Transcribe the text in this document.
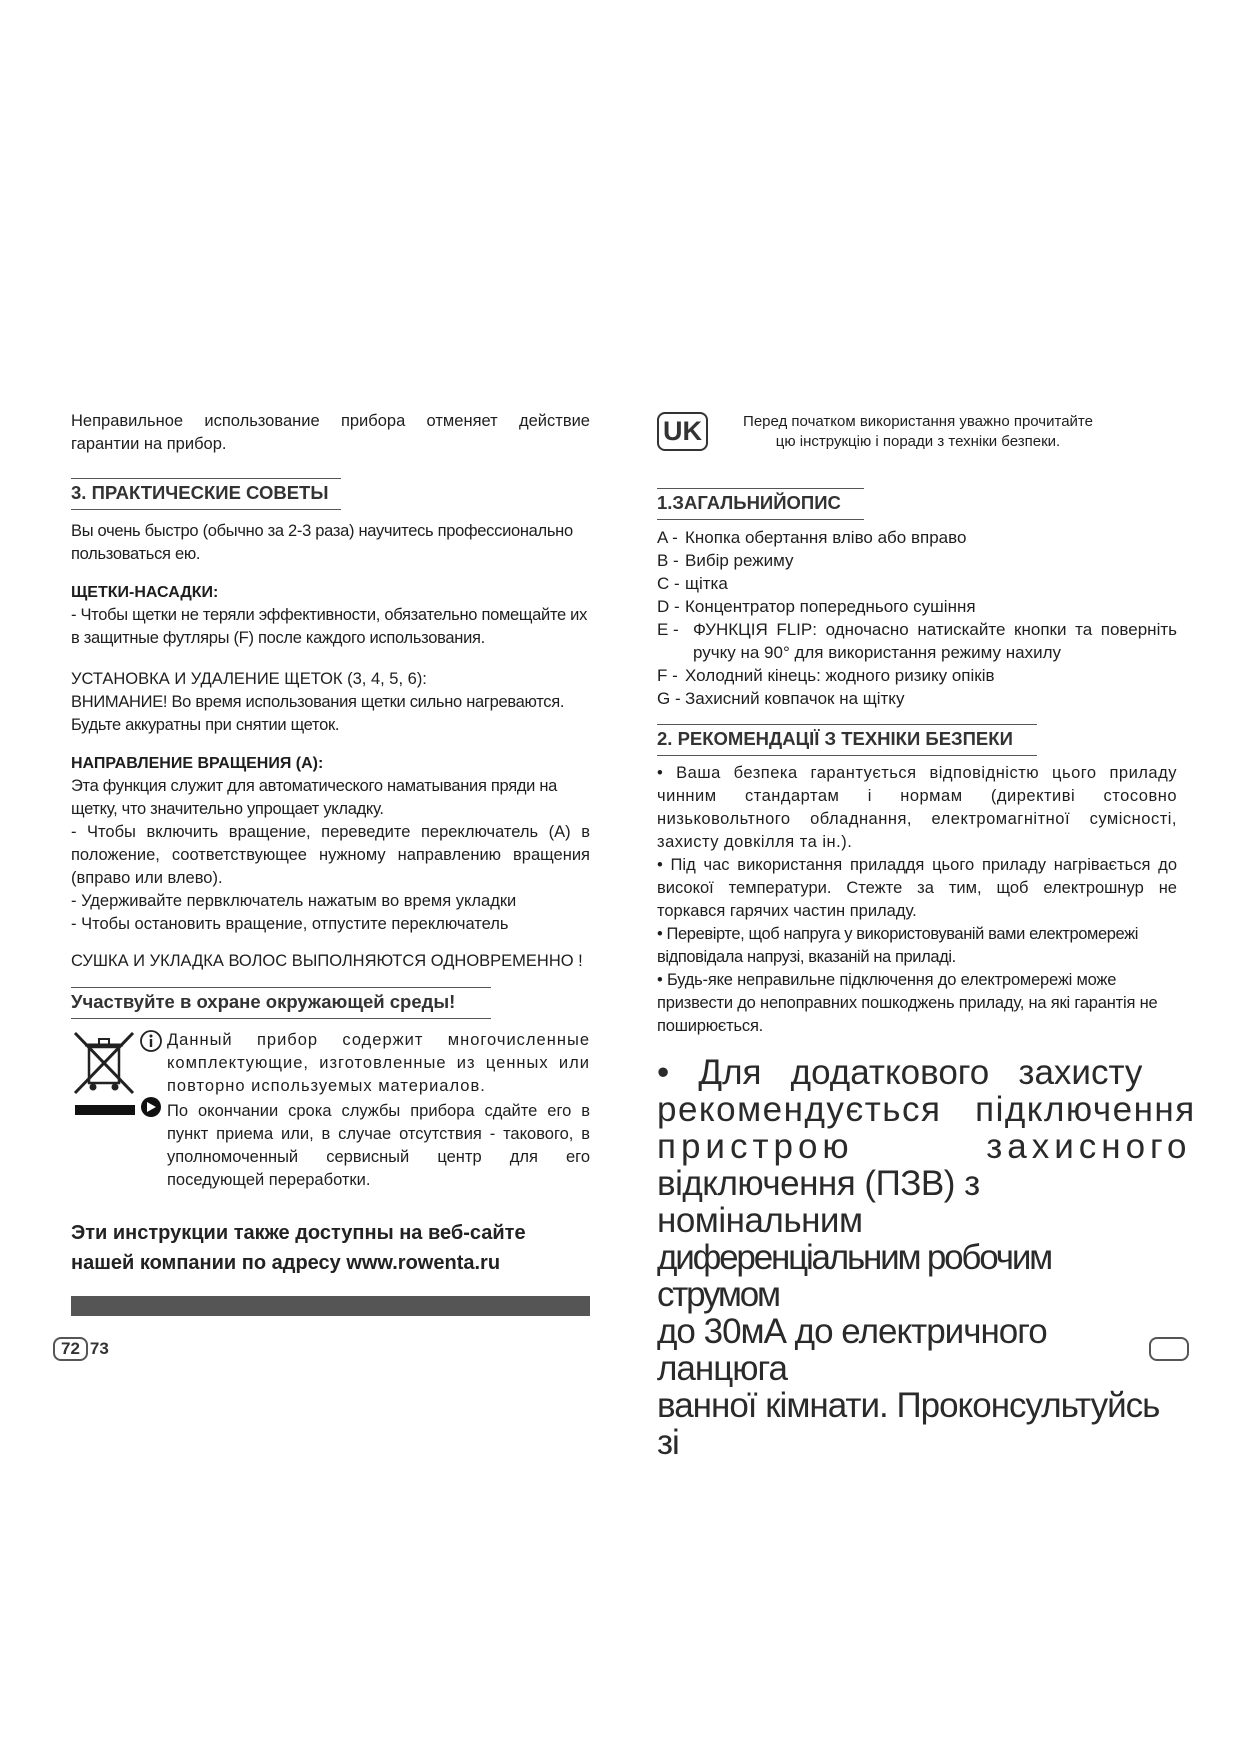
Неправильное использование прибора отменяет действие гарантии на прибор.

3. ПРАКТИЧЕСКИЕ СОВЕТЫ

Вы очень быстро (обычно за 2-3 раза) научитесь профессионально пользоваться ею.

ЩЕТКИ-НАСАДКИ:

- Чтобы щетки не теряли эффективности, обязательно помещайте их в защитные футляры (F) после каждого использования.

УСТАНОВКА И УДАЛЕНИЕ ЩЕТОК (3, 4, 5, 6):

ВНИМАНИЕ! Во время использования щетки сильно нагреваются. Будьте аккуратны при снятии щеток.

НАПРАВЛЕНИЕ ВРАЩЕНИЯ (A):

Эта функция служит для автоматического наматывания пряди на щетку, что значительно упрощает укладку.

- Чтобы включить вращение, переведите переключатель (A) в положение, соответствующее нужному направлению вращения (вправо или влево).

- Удерживайте первключатель нажатым во время укладки

- Чтобы остановить вращение, отпустите переключатель

СУШКА И УКЛАДКА ВОЛОС ВЫПОЛНЯЮТСЯ ОДНОВРЕМЕННО !

Участвуйте в охране окружающей среды!

Данный прибор содержит многочисленные комплектующие, изготовленные из ценных или повторно используемых материалов.

По окончании срока службы прибора сдайте его в пункт приема или, в случае отсутствия - такового, в уполномоченный сервисный центр для его поседующей переработки.

Эти инструкции также доступны на веб-сайте нашей компании по адресу www.rowenta.ru

72 73
UK	Перед початком використання уважно прочитайте
цю інструкцію і поради з техніки безпеки.
1.ЗАГАЛЬНИЙОПИС
A - Кнопка обертання вліво або вправо
B - Вибір режиму
C - щітка
D - Концентратор попереднього сушіння
E - ФУНКЦІЯ FLIP: одночасно натискайте кнопки та поверніть ручку на 90° для використання режиму нахилу
F - Холодний кінець: жодного ризику опіків
G - Захисний ковпачок на щітку
2. РЕКОМЕНДАЦІЇ З ТЕХНІКИ БЕЗПЕКИ

• Ваша безпека гарантується відповідністю цього приладу чинним стандартам і нормам (директиві стосовно низьковольтного обладнання, електромагнітної сумісності, захисту довкілля та ін.).

• Під час використання приладдя цього приладу нагрівається до високої температури. Стежте за тим, щоб електрошнур не торкався гарячих частин приладу.

• Перевірте, щоб напруга у використовуваній вами електромережі відповідала напрузі, вказаній на приладі.

• Будь-яке неправильне підключення до електромережі може призвести до непоправних пошкоджень приладу, на які гарантія не поширюється.

•   Для   додаткового   захисту
рекомендується   підключення
пристрою         захисного
відключення (ПЗВ) з номінальним
диференціальним робочим струмом
до 30мА до електричного ланцюга
ванної кімнати. Проконсультуйсь зі
